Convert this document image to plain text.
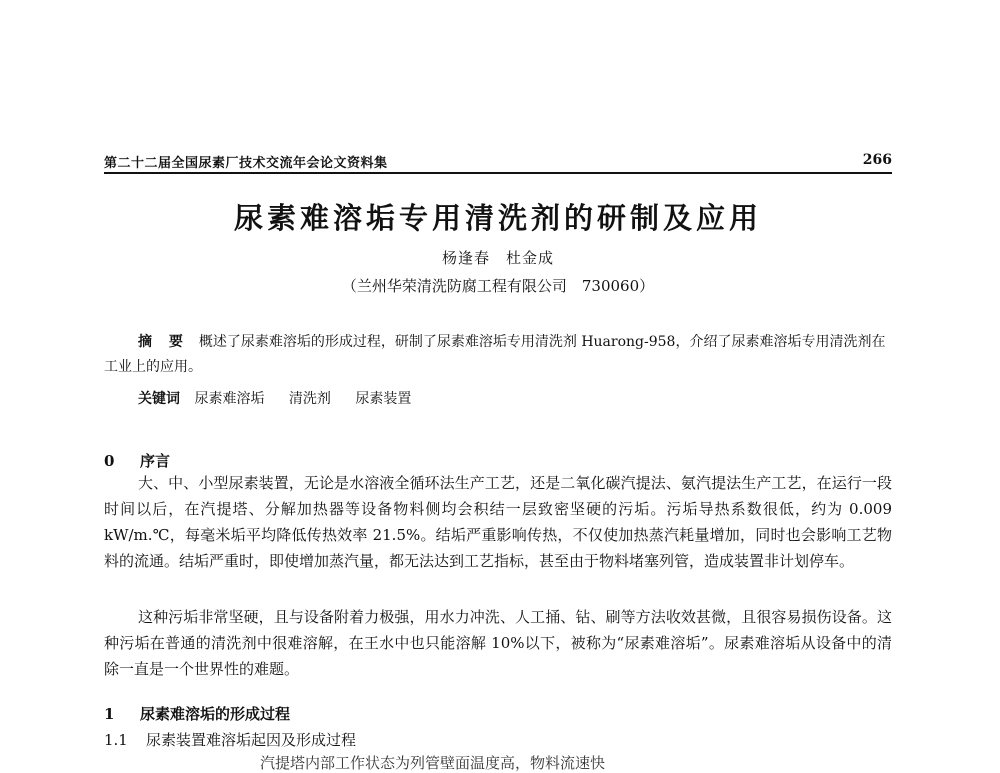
第二十二届全国尿素厂技术交流年会论文资料集	266
尿素难溶垢专用清洗剂的研制及应用
杨逢春　杜金成
（兰州华荣清洗防腐工程有限公司　730060）
摘 要 概述了尿素难溶垢的形成过程，研制了尿素难溶垢专用清洗剂 Huarong-958，介绍了尿素难溶垢专用清洗剂在工业上的应用。
关键词 尿素难溶垢 清洗剂 尿素装置
0 序言
大、中、小型尿素装置，无论是水溶液全循环法生产工艺，还是二氧化碳汽提法、氨汽提法生产工艺，在运行一段时间以后，在汽提塔、分解加热器等设备物料侧均会积结一层致密坚硬的污垢。污垢导热系数很低，约为 0.009 kW/m.℃，每毫米垢平均降低传热效率 21.5%。结垢严重影响传热，不仅使加热蒸汽耗量增加，同时也会影响工艺物料的流通。结垢严重时，即使增加蒸汽量，都无法达到工艺指标，甚至由于物料堵塞列管，造成装置非计划停车。
这种污垢非常坚硬，且与设备附着力极强，用水力冲洗、人工捅、钻、刷等方法收效甚微，且很容易损伤设备。这种污垢在普通的清洗剂中很难溶解，在王水中也只能溶解 10%以下，被称为“尿素难溶垢”。尿素难溶垢从设备中的清除一直是一个世界性的难题。
1 尿素难溶垢的形成过程
1.1 尿素装置难溶垢起因及形成过程
汽提塔内部工作状态为列管壁面温度高，物料流速快
